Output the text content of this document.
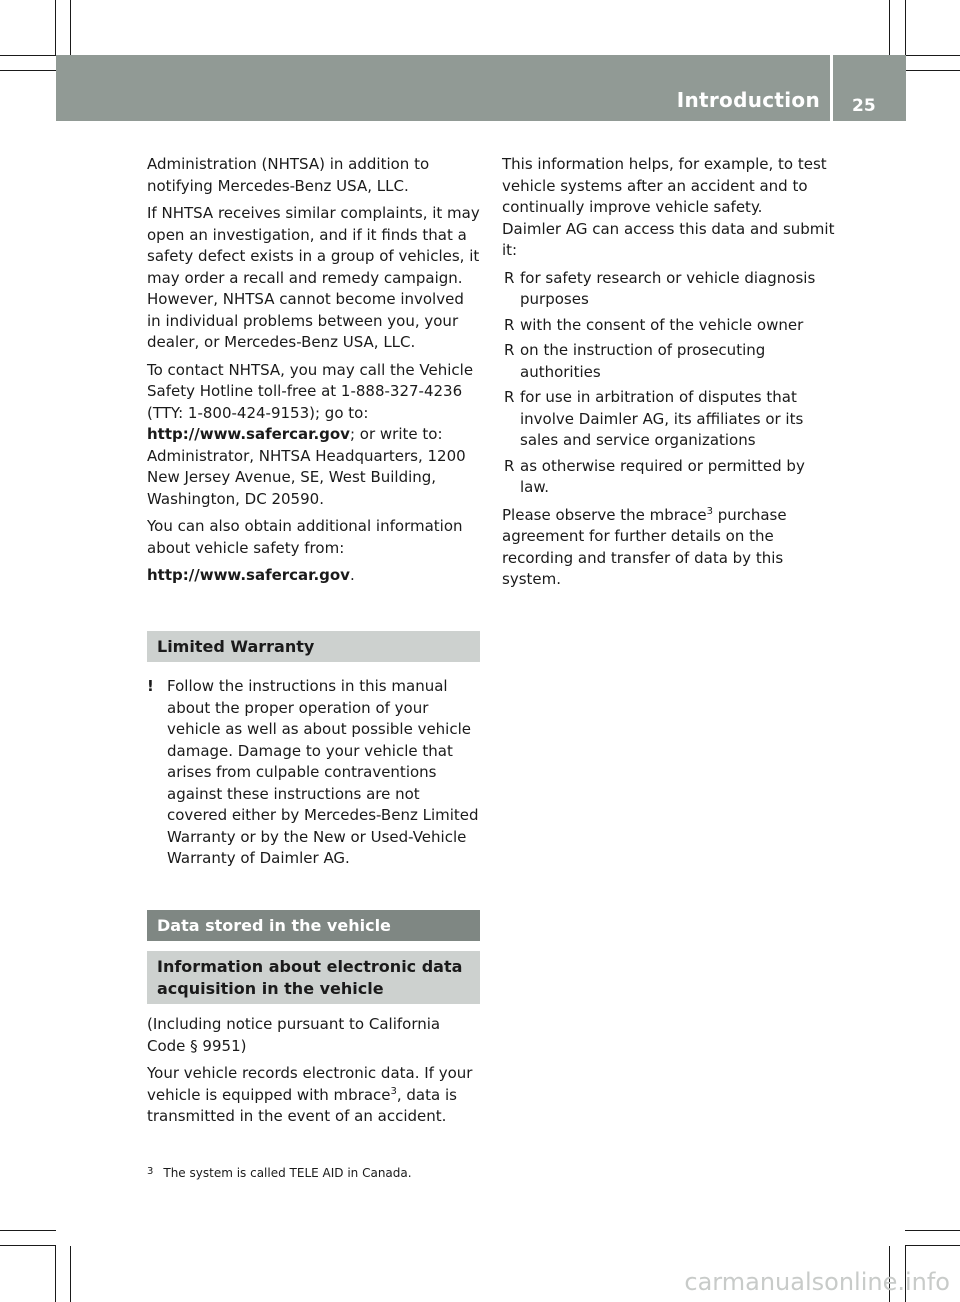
Introduction 25

Administration (NHTSA) in addition to notifying Mercedes-Benz USA, LLC.

If NHTSA receives similar complaints, it may open an investigation, and if it finds that a safety defect exists in a group of vehicles, it may order a recall and remedy campaign. However, NHTSA cannot become involved in individual problems between you, your dealer, or Mercedes-Benz USA, LLC.

To contact NHTSA, you may call the Vehicle Safety Hotline toll-free at 1-888-327-4236 (TTY: 1-800-424-9153); go to: http://www.safercar.gov; or write to: Administrator, NHTSA Headquarters, 1200 New Jersey Avenue, SE, West Building, Washington, DC 20590.

You can also obtain additional information about vehicle safety from:

http://www.safercar.gov.

Limited Warranty
! Follow the instructions in this manual about the proper operation of your vehicle as well as about possible vehicle damage. Damage to your vehicle that arises from culpable contraventions against these instructions are not covered either by Mercedes-Benz Limited Warranty or by the New or Used-Vehicle Warranty of Daimler AG.
Data stored in the vehicle
Information about electronic data acquisition in the vehicle

(Including notice pursuant to California Code § 9951)

Your vehicle records electronic data. If your vehicle is equipped with mbrace$^3$, data is transmitted in the event of an accident.

This information helps, for example, to test vehicle systems after an accident and to continually improve vehicle safety.

Daimler AG can access this data and submit it:

R for safety research or vehicle diagnosis purposes
R with the consent of the vehicle owner
R on the instruction of prosecuting authorities
R for use in arbitration of disputes that involve Daimler AG, its affiliates or its sales and service organizations
R as otherwise required or permitted by law.

Please observe the mbrace$^3$ purchase agreement for further details on the recording and transfer of data by this system.

$^3$ The system is called TELE AID in Canada.
carmanualsonline.info
